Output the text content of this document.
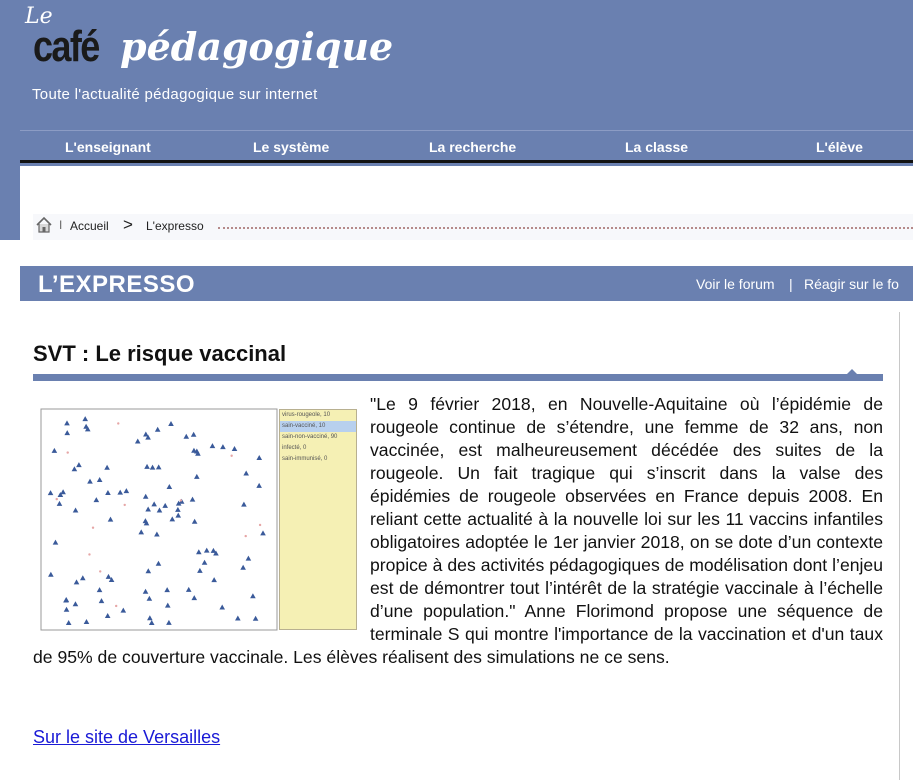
Le
café pédagogique
Toute l'actualité pédagogique sur internet
L'enseignant	Le système	La recherche	La classe	L'élève
I Accueil > L'expresso
L’EXPRESSO	Voir le forum | Réagir sur le fo
SVT : Le risque vaccinal
virus-rougeole, 10
sain-vacciné, 10
sain-non-vacciné, 90
infecté, 0
sain-immunisé, 0
"Le 9 février 2018, en Nouvelle-Aquitaine où l’épidémie de rougeole continue de s’étendre, une femme de 32 ans, non vaccinée, est malheureusement décédée des suites de la rougeole. Un fait tragique qui s’inscrit dans la valse des épidémies de rougeole observées en France depuis 2008. En reliant cette actualité à la nouvelle loi sur les 11 vaccins infantiles obligatoires adoptée le 1er janvier 2018, on se dote d’un contexte propice à des activités pédagogiques de modélisation dont l’enjeu est de démontrer tout l’intérêt de la stratégie vaccinale à l’échelle d’une population." Anne Florimond propose une séquence de terminale S qui montre l'importance de la vaccination et d'un taux de 95% de couverture vaccinale. Les élèves réalisent des simulations ne ce sens.
Sur le site de Versailles
